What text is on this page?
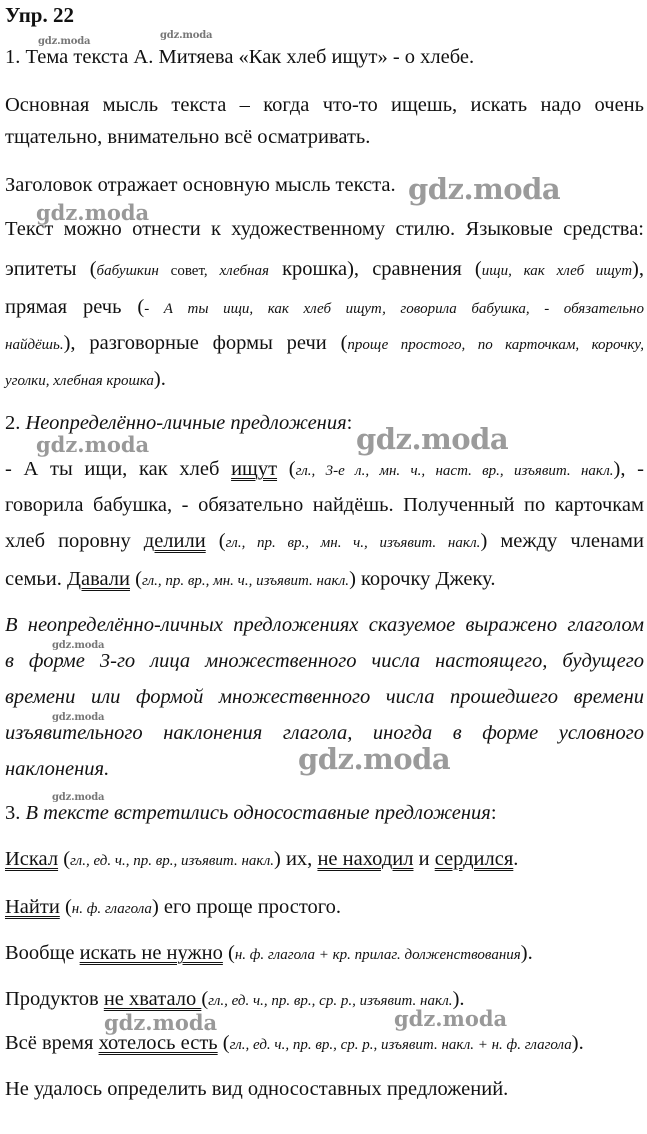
Упр. 22
1. Тема текста А. Митяева «Как хлеб ищут» - о хлебе.
Основная мысль текста – когда что-то ищешь, искать надо очень
тщательно, внимательно всё осматривать.
Заголовок отражает основную мысль текста.
Текст можно отнести к художественному стилю. Языковые средства:
эпитеты (бабушкин совет, хлебная крошка), сравнения (ищи, как хлеб ищут),
прямая речь (- А ты ищи, как хлеб ищут, говорила бабушка, - обязательно
найдёшь.), разговорные формы речи (проще простого, по карточкам, корочку,
уголки, хлебная крошка).
2. Неопределённо-личные предложения:
- А ты ищи, как хлеб ищут (гл., 3-е л., мн. ч., наст. вр., изъявит. накл.), -
говорила бабушка, - обязательно найдёшь. Полученный по карточкам
хлеб поровну делили (гл., пр. вр., мн. ч., изъявит. накл.) между членами
семьи. Давали (гл., пр. вр., мн. ч., изъявит. накл.) корочку Джеку.
В неопределённо-личных предложениях сказуемое выражено глаголом
в форме 3-го лица множественного числа настоящего, будущего
времени или формой множественного числа прошедшего времени
изъявительного наклонения глагола, иногда в форме условного
наклонения.
3. В тексте встретились односоставные предложения:
Искал (гл., ед. ч., пр. вр., изъявит. накл.) их, не находил и сердился.
Найти (н. ф. глагола) его проще простого.
Вообще искать не нужно (н. ф. глагола + кр. прилаг. долженствования).
Продуктов не хватало (гл., ед. ч., пр. вр., ср. р., изъявит. накл.).
Всё время хотелось есть (гл., ед. ч., пр. вр., ср. р., изъявит. накл. + н. ф. глагола).
Не удалось определить вид односоставных предложений.
gdz.moda
gdz.moda
gdz.moda
gdz.moda
gdz.moda	gdz.moda
gdz.moda
gdz.moda
gdz.moda
gdz.moda
gdz.moda	gdz.moda
